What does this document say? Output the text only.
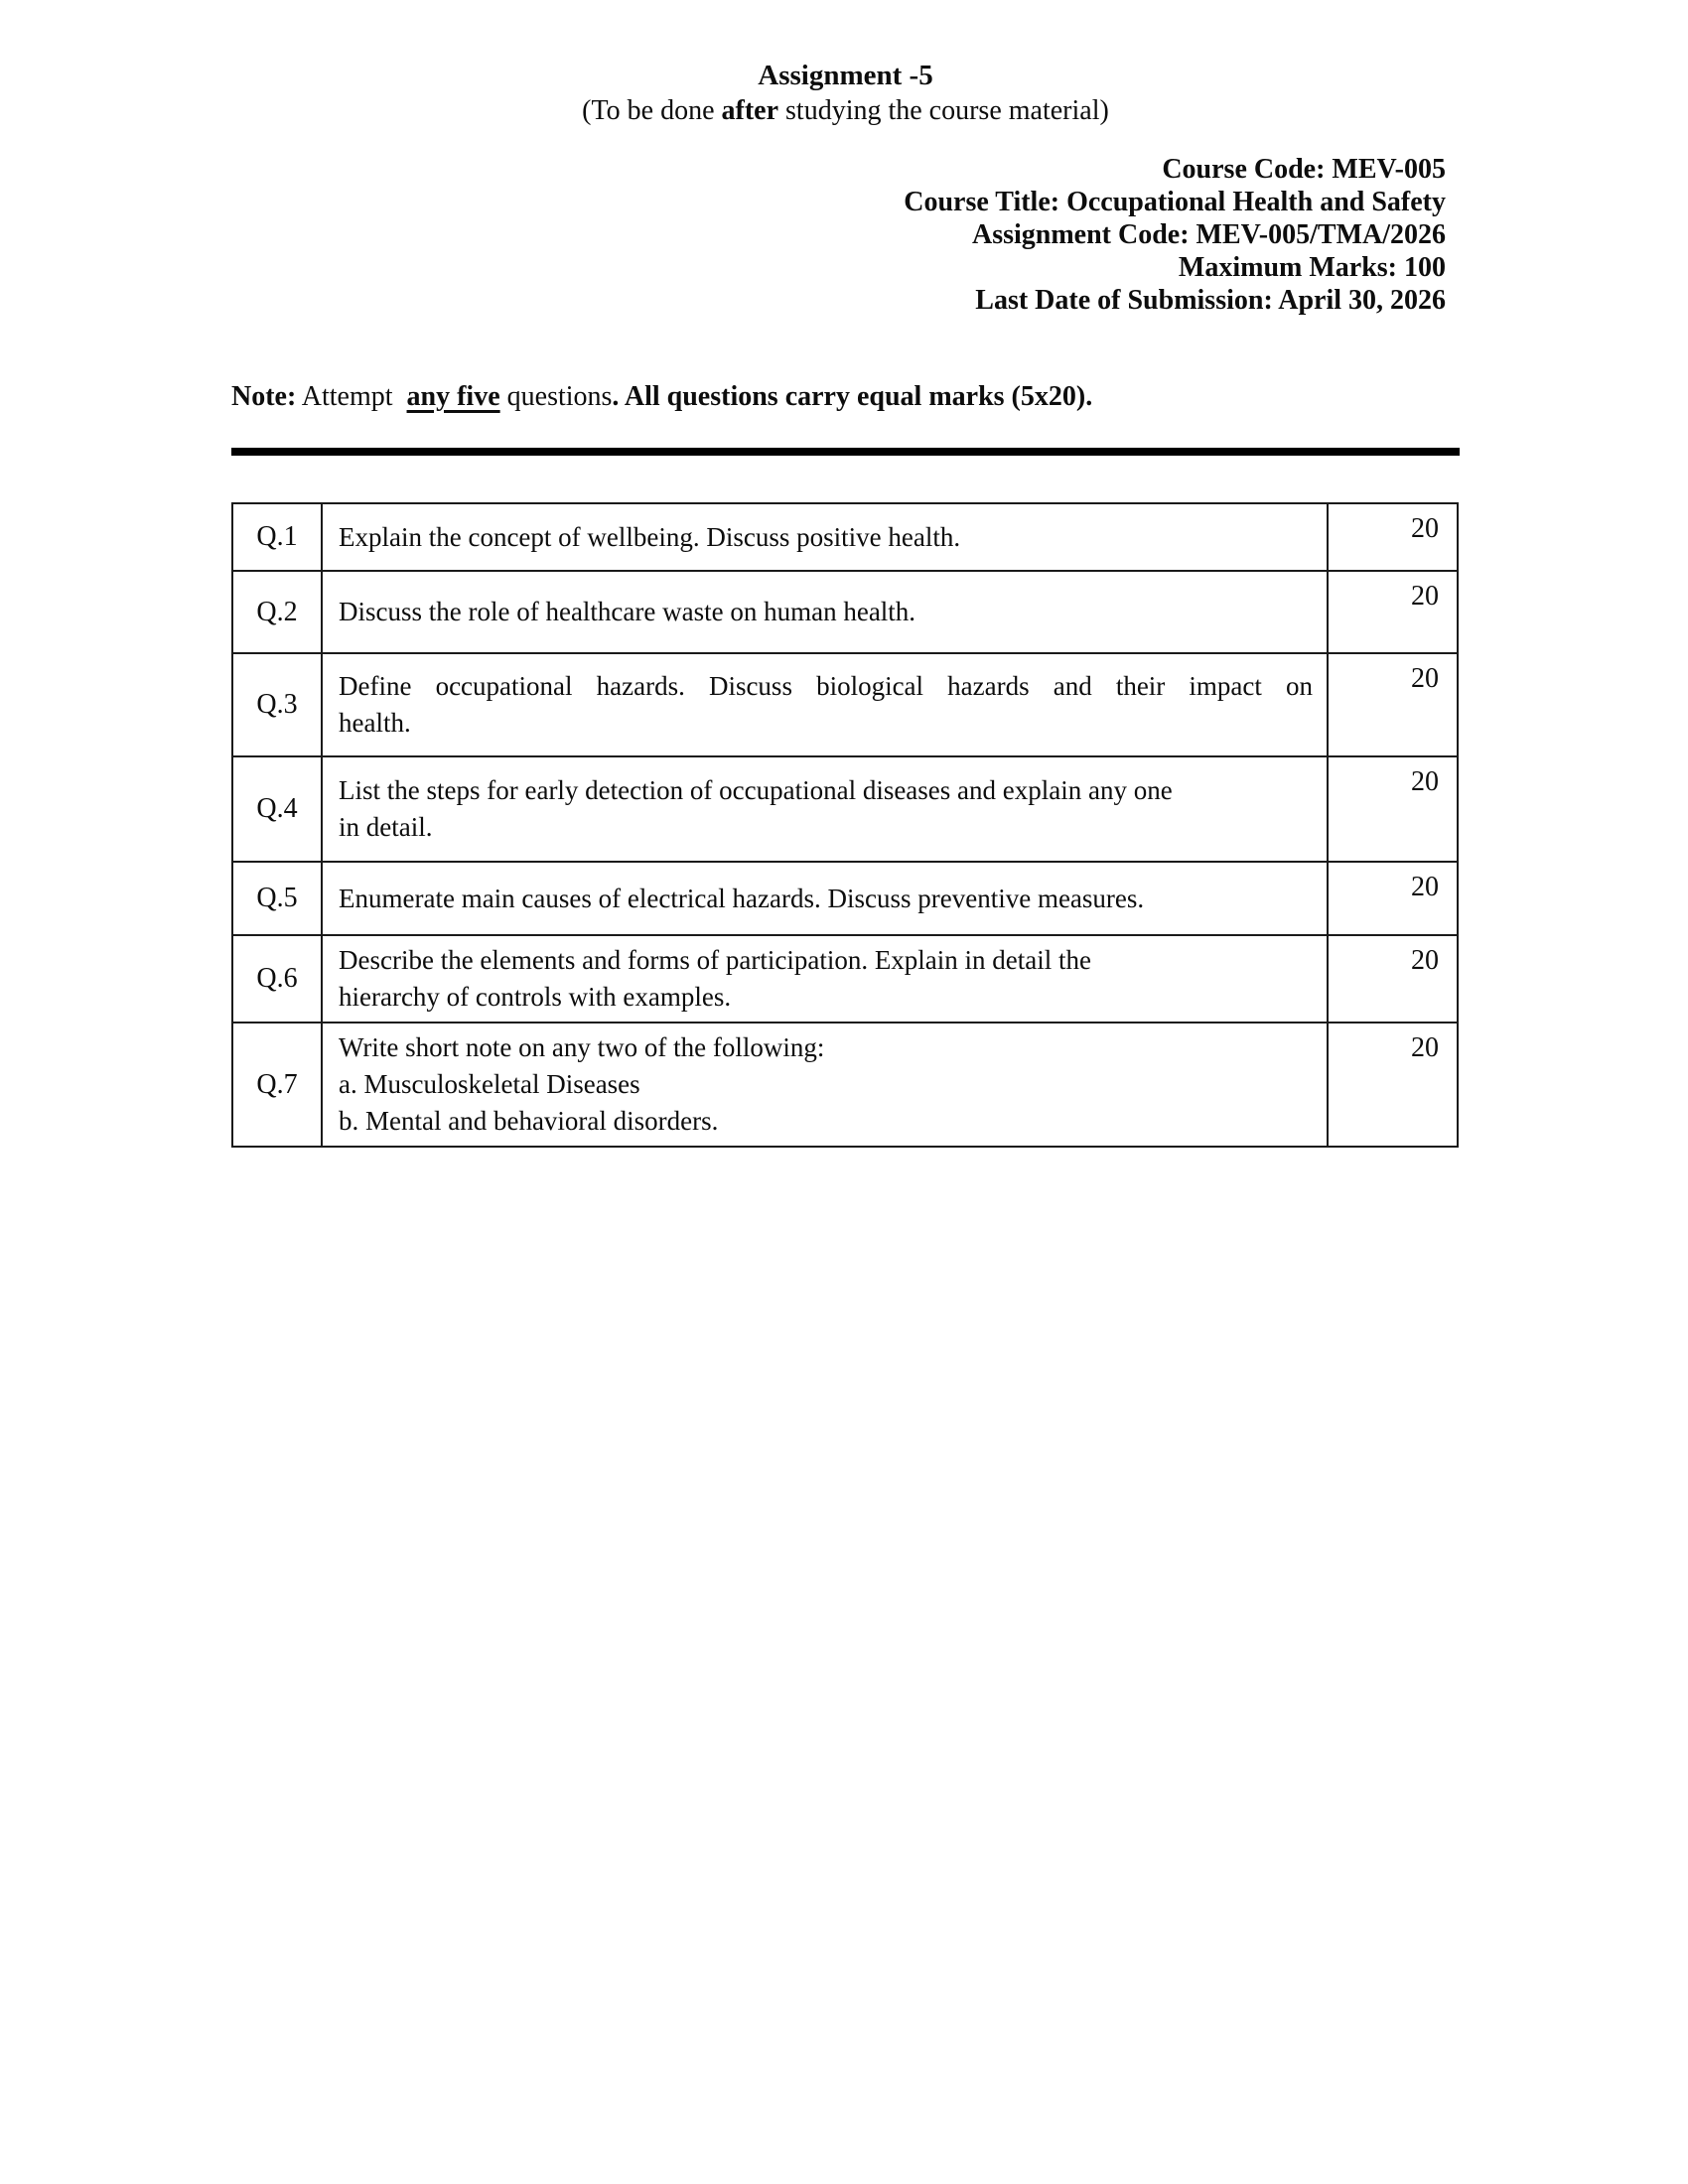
Assignment -5
(To be done after studying the course material)
Course Code: MEV-005
Course Title: Occupational Health and Safety
Assignment Code: MEV-005/TMA/2026
Maximum Marks: 100
Last Date of Submission: April 30, 2026
Note: Attempt  any five questions. All questions carry equal marks (5x20).
Q.1	Explain the concept of wellbeing. Discuss positive health.	20
Q.2	Discuss the role of healthcare waste on human health.	20
Q.3	Define occupational hazards. Discuss biological hazards and their impact on
health.	20
Q.4	List the steps for early detection of occupational diseases and explain any one
in detail.	20
Q.5	Enumerate main causes of electrical hazards. Discuss preventive measures.	20
Q.6	Describe the elements and forms of participation. Explain in detail the
hierarchy of controls with examples.	20
Q.7	Write short note on any two of the following:
a. Musculoskeletal Diseases
b. Mental and behavioral disorders.	20
